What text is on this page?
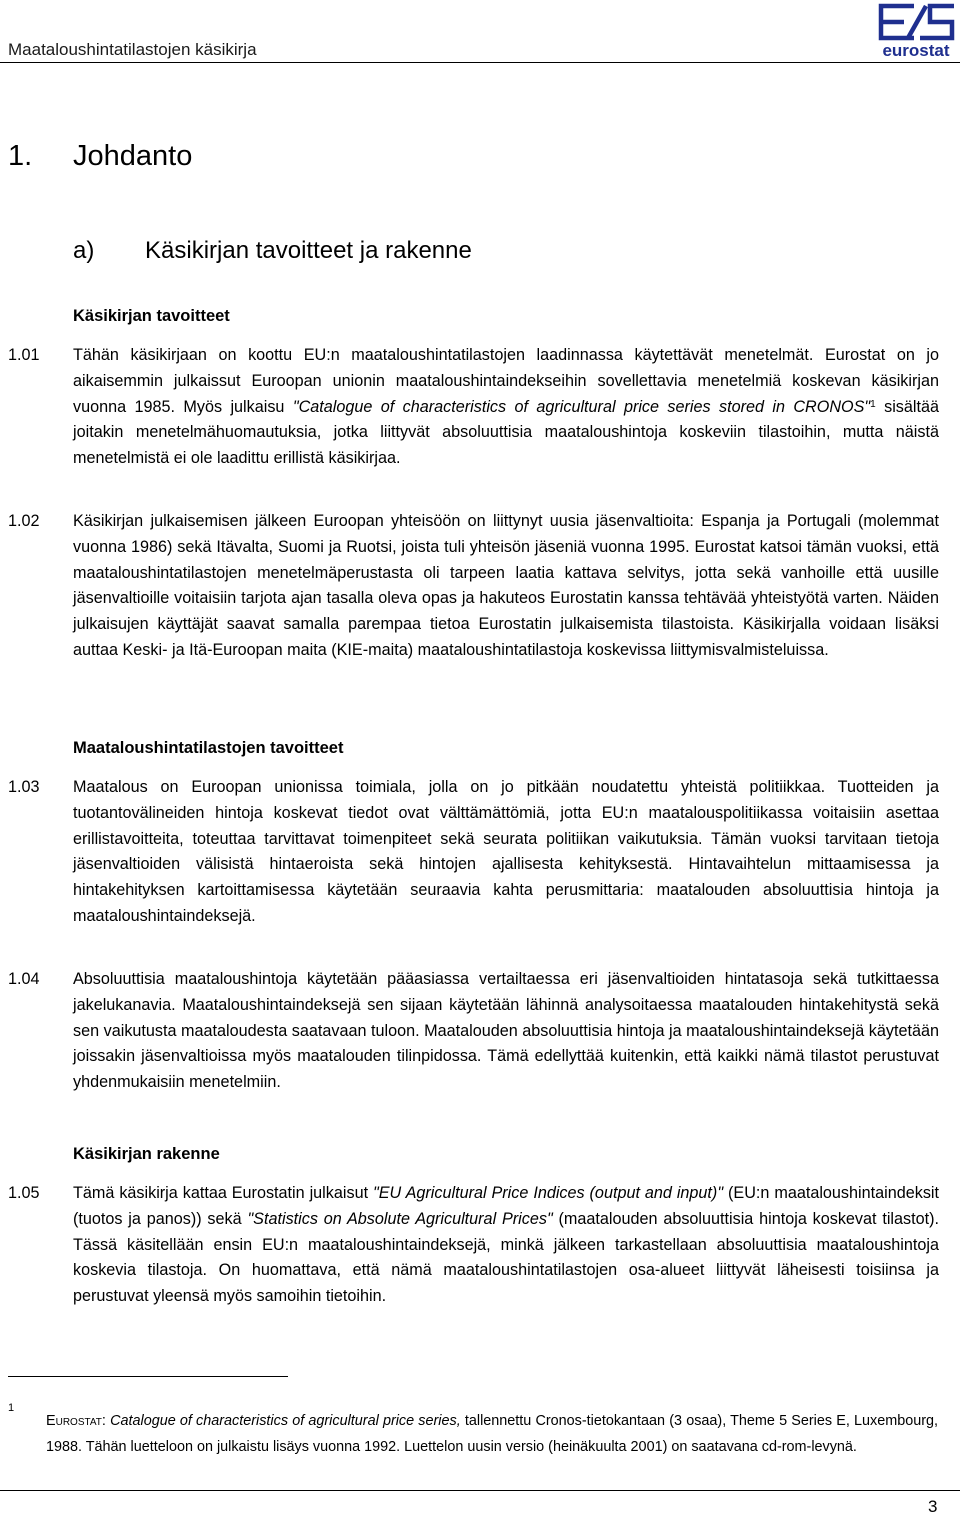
Maataloushintatilastojen käsikirja	eurostat
1. Johdanto
a) Käsikirjan tavoitteet ja rakenne
Käsikirjan tavoitteet
1.01 Tähän käsikirjaan on koottu EU:n maataloushintatilastojen laadinnassa käytettävät menetelmät. Eurostat on jo aikaisemmin julkaissut Euroopan unionin maataloushintaindekseihin sovellettavia menetelmiä koskevan käsikirjan vuonna 1985. Myös julkaisu "Catalogue of characteristics of agricultural price series stored in CRONOS"$^1$ sisältää joitakin menetelmähuomautuksia, jotka liittyvät absoluuttisia maataloushintoja koskeviin tilastoihin, mutta näistä menetelmistä ei ole laadittu erillistä käsikirjaa.
1.02 Käsikirjan julkaisemisen jälkeen Euroopan yhteisöön on liittynyt uusia jäsenvaltioita: Espanja ja Portugali (molemmat vuonna 1986) sekä Itävalta, Suomi ja Ruotsi, joista tuli yhteisön jäseniä vuonna 1995. Eurostat katsoi tämän vuoksi, että maataloushintatilastojen menetelmäperustasta oli tarpeen laatia kattava selvitys, jotta sekä vanhoille että uusille jäsenvaltioille voitaisiin tarjota ajan tasalla oleva opas ja hakuteos Eurostatin kanssa tehtävää yhteistyötä varten. Näiden julkaisujen käyttäjät saavat samalla parempaa tietoa Eurostatin julkaisemista tilastoista. Käsikirjalla voidaan lisäksi auttaa Keski- ja Itä-Euroopan maita (KIE-maita) maataloushintatilastoja koskevissa liittymisvalmisteluissa.
Maataloushintatilastojen tavoitteet
1.03 Maatalous on Euroopan unionissa toimiala, jolla on jo pitkään noudatettu yhteistä politiikkaa. Tuotteiden ja tuotantovälineiden hintoja koskevat tiedot ovat välttämättömiä, jotta EU:n maatalouspolitiikassa voitaisiin asettaa erillistavoitteita, toteuttaa tarvittavat toimenpiteet sekä seurata politiikan vaikutuksia. Tämän vuoksi tarvitaan tietoja jäsenvaltioiden välisistä hintaeroista sekä hintojen ajallisesta kehityksestä. Hintavaihtelun mittaamisessa ja hintakehityksen kartoittamisessa käytetään seuraavia kahta perusmittaria: maatalouden absoluuttisia hintoja ja maataloushintaindeksejä.
1.04 Absoluuttisia maataloushintoja käytetään pääasiassa vertailtaessa eri jäsenvaltioiden hintatasoja sekä tutkittaessa jakelukanavia. Maataloushintaindeksejä sen sijaan käytetään lähinnä analysoitaessa maatalouden hintakehitystä sekä sen vaikutusta maataloudesta saatavaan tuloon. Maatalouden absoluuttisia hintoja ja maataloushintaindeksejä käytetään joissakin jäsenvaltioissa myös maatalouden tilinpidossa. Tämä edellyttää kuitenkin, että kaikki nämä tilastot perustuvat yhdenmukaisiin menetelmiin.
Käsikirjan rakenne
1.05 Tämä käsikirja kattaa Eurostatin julkaisut "EU Agricultural Price Indices (output and input)" (EU:n maataloushintaindeksit (tuotos ja panos)) sekä "Statistics on Absolute Agricultural Prices" (maatalouden absoluuttisia hintoja koskevat tilastot). Tässä käsitellään ensin EU:n maataloushintaindeksejä, minkä jälkeen tarkastellaan absoluuttisia maataloushintoja koskevia tilastoja. On huomattava, että nämä maataloushintatilastojen osa-alueet liittyvät läheisesti toisiinsa ja perustuvat yleensä myös samoihin tietoihin.
1
Eurostat: Catalogue of characteristics of agricultural price series, tallennettu Cronos-tietokantaan (3 osaa), Theme 5 Series E, Luxembourg, 1988. Tähän luetteloon on julkaistu lisäys vuonna 1992. Luettelon uusin versio (heinäkuulta 2001) on saatavana cd-rom-levynä.
3
